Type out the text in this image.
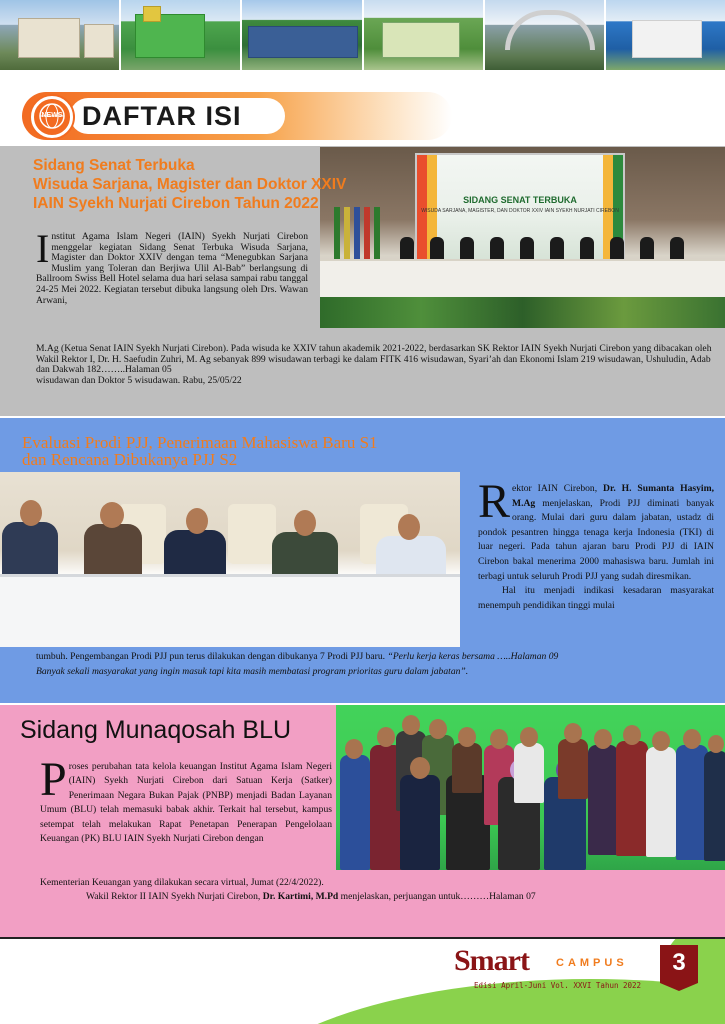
DAFTAR ISI
NEWS
SIDANG SENAT TERBUKA
WISUDA SARJANA, MAGISTER, DAN DOKTOR XXIV IAIN SYEKH NURJATI CIREBON
Sidang Senat Terbuka
Wisuda Sarjana, Magister dan Doktor XXIV
IAIN Syekh Nurjati Cirebon Tahun 2022
Institut Agama Islam Negeri (IAIN) Syekh Nurjati Cirebon menggelar kegiatan Sidang Senat Terbuka Wisuda Sarjana, Magister dan Doktor XXIV dengan tema “Menegubkan Sarjana Muslim yang Toleran dan Berjiwa Ulil Al-Bab” berlangsung di Ballroom Swiss Bell Hotel selama dua hari selasa sampai rabu tanggal 24-25 Mei 2022. Kegiatan tersebut dibuka langsung oleh Drs. Wawan Arwani,
M.Ag (Ketua Senat IAIN Syekh Nurjati Cirebon). Pada wisuda ke XXIV tahun akademik 2021-2022, berdasarkan SK Rektor IAIN Syekh Nurjati Cirebon yang dibacakan oleh Wakil Rektor I, Dr. H. Saefudin Zuhri, M. Ag sebanyak 899 wisudawan terbagi ke dalam FITK 416 wisudawan, Syari’ah dan Ekonomi Islam 219 wisudawan, Ushuludin, Adab dan Dakwah 182……..Halaman 05
wisudawan dan Doktor 5 wisudawan. Rabu, 25/05/22
Evaluasi Prodi PJJ, Penerimaan Mahasiswa Baru S1
dan Rencana Dibukanya PJJ S2
Rektor IAIN Cirebon, Dr. H. Sumanta Hasyim, M.Ag menjelaskan, Prodi PJJ diminati banyak orang. Mulai dari guru dalam jabatan, ustadz di pondok pesantren hingga tenaga kerja Indonesia (TKI) di luar negeri. Pada tahun ajaran baru Prodi PJJ di IAIN Cirebon bakal menerima 2000 mahasiswa baru. Jumlah ini terbagi untuk seluruh Prodi PJJ yang sudah diresmikan.
Hal itu menjadi indikasi kesadaran masyarakat menempuh pendidikan tinggi mulai
tumbuh. Pengembangan Prodi PJJ pun terus dilakukan dengan dibukanya 7 Prodi PJJ baru. “Perlu kerja keras bersama …..Halaman 09
Banyak sekali masyarakat yang ingin masuk tapi kita masih membatasi program prioritas guru dalam jabatan”.
Sidang Munaqosah BLU
Proses perubahan tata kelola keuangan Institut Agama Islam Negeri (IAIN) Syekh Nurjati Cirebon dari Satuan Kerja (Satker) Penerimaan Negara Bukan Pajak (PNBP) menjadi Badan Layanan Umum (BLU) telah memasuki babak akhir. Terkait hal tersebut, kampus setempat telah melakukan Rapat Penetapan Penerapan Pengelolaan Keuangan (PK) BLU IAIN Syekh Nurjati Cirebon dengan
Kementerian Keuangan yang dilakukan secara virtual, Jumat (22/4/2022).
Wakil Rektor II IAIN Syekh Nurjati Cirebon, Dr. Kartimi, M.Pd menjelaskan, perjuangan untuk………Halaman 07
Smart CAMPUS
Edisi April-Juni Vol. XXVI Tahun 2022
3
